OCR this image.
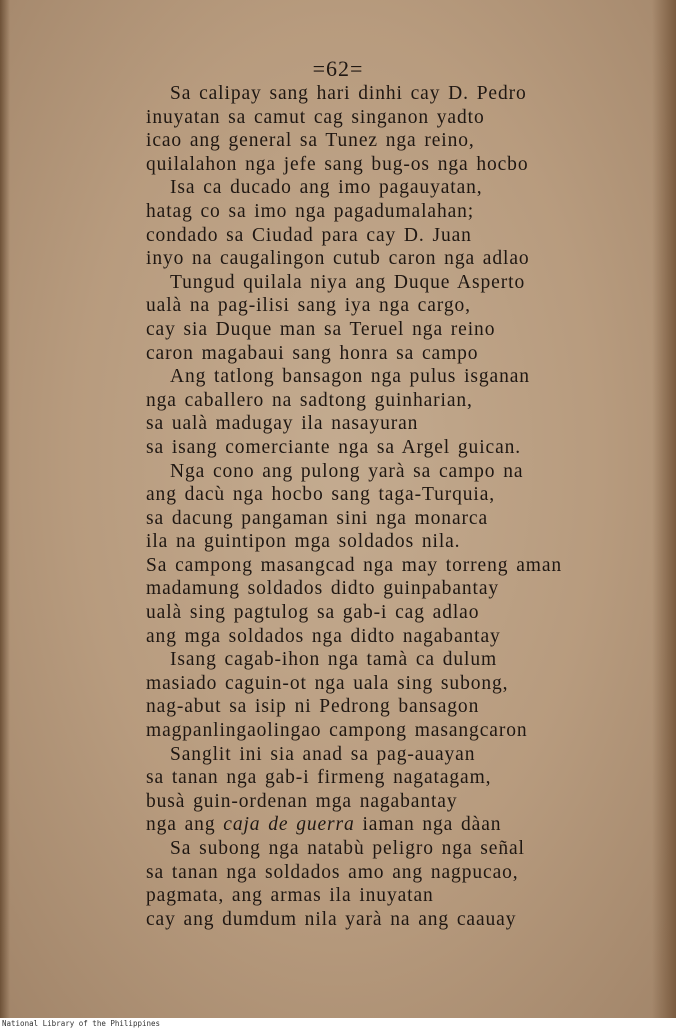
=62=
Sa calipay sang hari dinhi cay D. Pedro
inuyatan sa camut cag singanon yadto
icao ang general sa Tunez nga reino,
quilalahon nga jefe sang bug-os nga hocbo
Isa ca ducado ang imo pagauyatan,
hatag co sa imo nga pagadumalahan;
condado sa Ciudad para cay D. Juan
inyo na caugalingon cutub caron nga adlao
Tungud quilala niya ang Duque Asperto
ualà na pag-ilisi sang iya nga cargo,
cay sia Duque man sa Teruel nga reino
caron magabaui sang honra sa campo
Ang tatlong bansagon nga pulus isganan
nga caballero na sadtong guinharian,
sa ualà madugay ila nasayuran
sa isang comerciante nga sa Argel guican.
Nga cono ang pulong yarà sa campo na
ang dacù nga hocbo sang taga-Turquia,
sa dacung pangaman sini nga monarca
ila na guintipon mga soldados nila.
Sa campong masangcad nga may torreng aman
madamung soldados didto guinpabantay
ualà sing pagtulog sa gab-i cag adlao
ang mga soldados nga didto nagabantay
Isang cagab-ihon nga tamà ca dulum
masiado caguin-ot nga uala sing subong,
nag-abut sa isip ni Pedrong bansagon
magpanlingaolingao campong masangcaron
Sanglit ini sia anad sa pag-auayan
sa tanan nga gab-i firmeng nagatagam,
busà guin-ordenan mga nagabantay
nga ang caja de guerra iaman nga dàan
Sa subong nga natabù peligro nga señal
sa tanan nga soldados amo ang nagpucao,
pagmata, ang armas ila inuyatan
cay ang dumdum nila yarà na ang caauay
National Library of the Philippines
